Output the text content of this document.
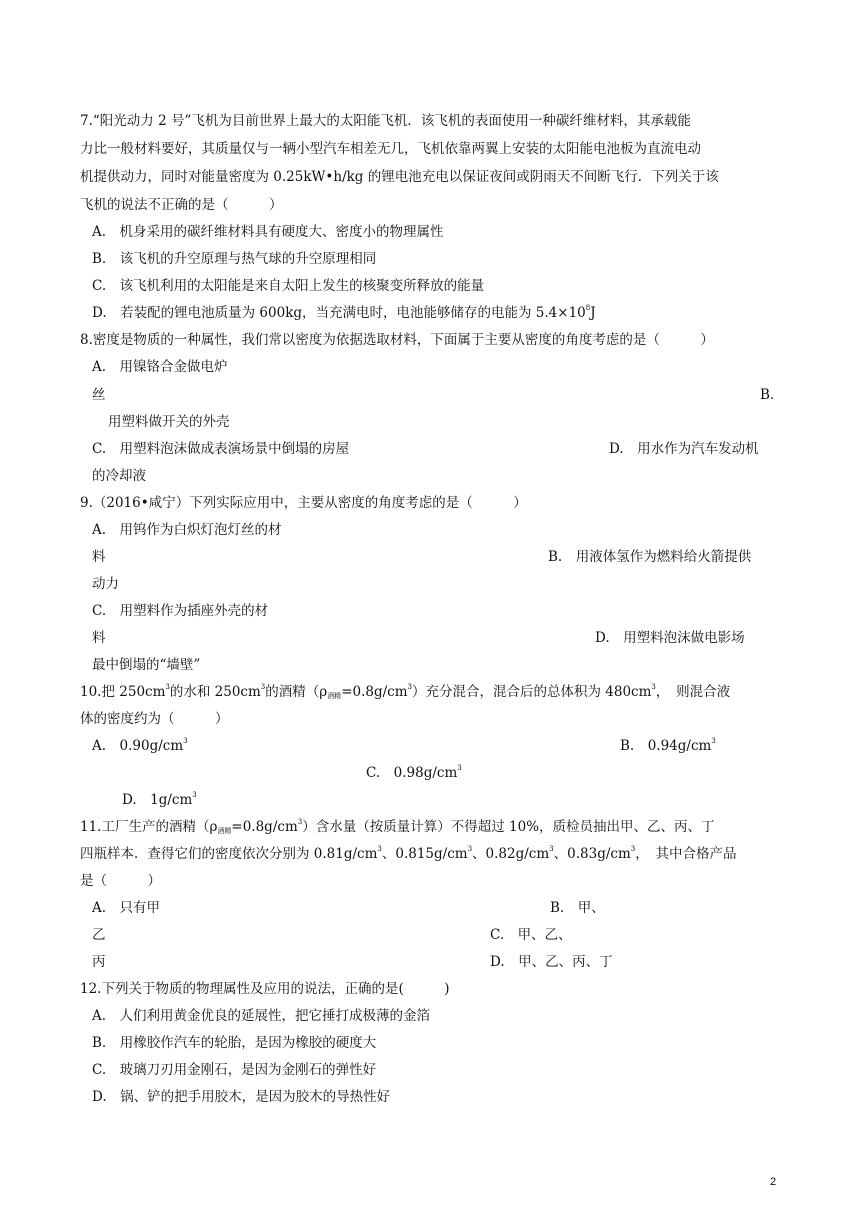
7.“阳光动力 2 号”飞机为目前世界上最大的太阳能飞机．该飞机的表面使用一种碳纤维材料，其承载能
力比一般材料要好，其质量仅与一辆小型汽车相差无几，飞机依靠两翼上安装的太阳能电池板为直流电动
机提供动力，同时对能量密度为 0.25kW•h/kg 的锂电池充电以保证夜间或阴雨天不间断飞行．下列关于该
飞机的说法不正确的是（　　　）
A.　机身采用的碳纤维材料具有硬度大、密度小的物理属性
B.　该飞机的升空原理与热气球的升空原理相同
C.　该飞机利用的太阳能是来自太阳上发生的核聚变所释放的能量
D.　若装配的锂电池质量为 600kg，当充满电时，电池能够储存的电能为 $5.4\times 10^8J$
8.密度是物质的一种属性，我们常以密度为依据选取材料，下面属于主要从密度的角度考虑的是（　　　）
A.　用镍铬合金做电炉
丝	B.
用塑料做开关的外壳
C.　用塑料泡沫做成表演场景中倒塌的房屋	D.　用水作为汽车发动机
的冷却液
9.（2016•咸宁）下列实际应用中，主要从密度的角度考虑的是（　　　）
A.　用钨作为白炽灯泡灯丝的材
料	B.　用液体氢作为燃料给火箭提供
动力
C.　用塑料作为插座外壳的材
料	D.　用塑料泡沫做电影场
最中倒塌的“墙壁”
10.把 $250cm^3$的水和 $250cm^3$的酒精$(\rho_{酒精}=0.8g/cm^3)$充分混合，混合后的总体积为 $480cm^3$，　则混合液
体的密度约为（　　　）
A.　$0.90g/cm^3$	B.　$0.94g/cm^3$
C.　$0.98g/cm^3$
D.　$1g/cm^3$
11.工厂生产的酒精$(\rho_{酒精}=0.8g/cm^3)$含水量（按质量计算）不得超过 10%，质检员抽出甲、乙、丙、丁
四瓶样本．查得它们的密度依次分别为 $0.81g/cm^3$、$0.815g/cm^3$、$0.82g/cm^3$、$0.83g/cm^3$，　其中合格产品
是（　　　）
A.　只有甲	B.　甲、
乙	C.　甲、乙、
丙	D.　甲、乙、丙、丁
12.下列关于物质的物理属性及应用的说法，正确的是(　　　)
A.　人们利用黄金优良的延展性，把它捶打成极薄的金箔
B.　用橡胶作汽车的轮胎，是因为橡胶的硬度大
C.　玻璃刀刃用金刚石，是因为金刚石的弹性好
D.　锅、铲的把手用胶木，是因为胶木的导热性好
2
